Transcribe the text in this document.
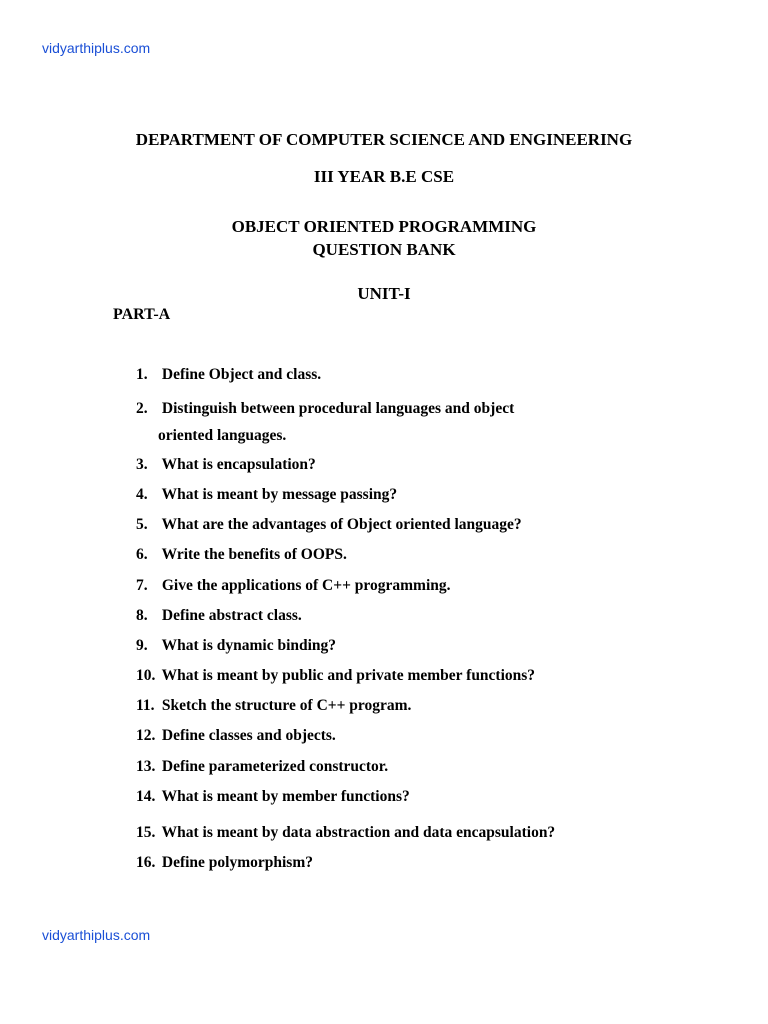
vidyarthiplus.com
DEPARTMENT OF COMPUTER SCIENCE AND ENGINEERING
III YEAR B.E CSE
OBJECT ORIENTED PROGRAMMING
QUESTION BANK
UNIT-I
PART-A
1. Define Object and class.
2. Distinguish between procedural languages and object
oriented languages.
3. What is encapsulation?
4. What is meant by message passing?
5. What are the advantages of Object oriented language?
6. Write the benefits of OOPS.
7. Give the applications of C++ programming.
8. Define abstract class.
9. What is dynamic binding?
10. What is meant by public and private member functions?
11. Sketch the structure of C++ program.
12. Define classes and objects.
13. Define parameterized constructor.
14. What is meant by member functions?
15. What is meant by data abstraction and data encapsulation?
16. Define polymorphism?
vidyarthiplus.com
